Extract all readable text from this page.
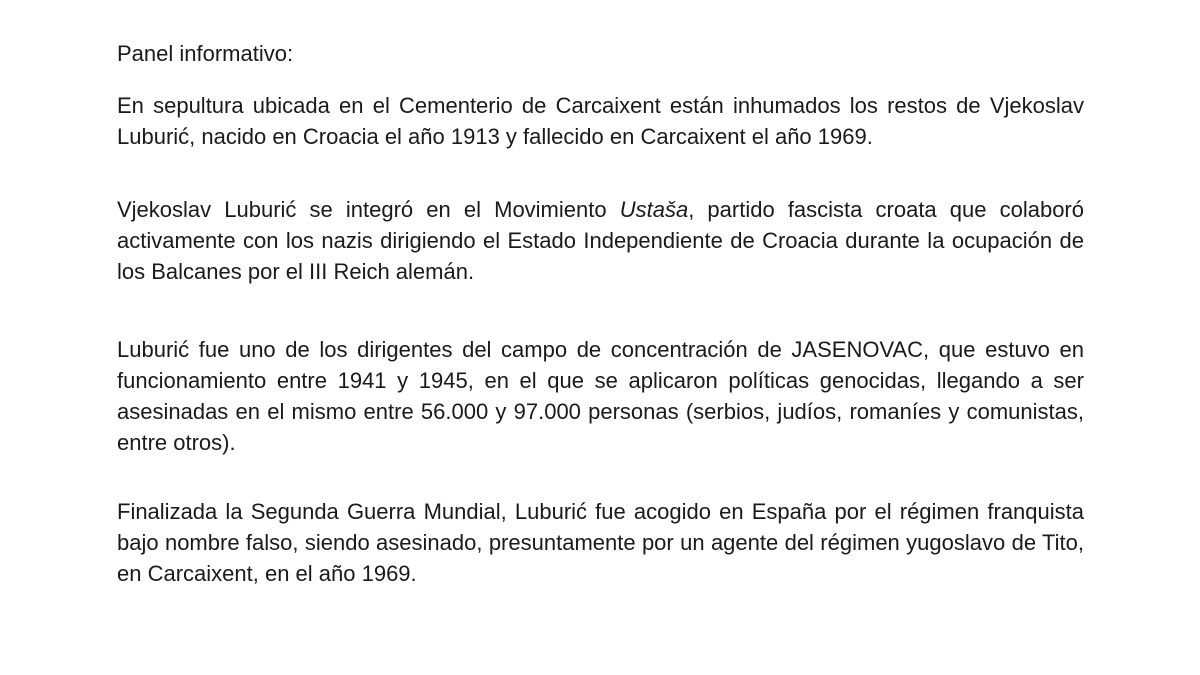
Panel informativo:

En sepultura ubicada en el Cementerio de Carcaixent están inhumados los restos de Vjekoslav Luburić, nacido en Croacia el año 1913 y fallecido en Carcaixent el año 1969.

Vjekoslav Luburić se integró en el Movimiento Ustaša, partido fascista croata que colaboró activamente con los nazis dirigiendo el Estado Independiente de Croacia durante la ocupación de los Balcanes por el III Reich alemán.

Luburić fue uno de los dirigentes del campo de concentración de JASENOVAC, que estuvo en funcionamiento entre 1941 y 1945, en el que se aplicaron políticas genocidas, llegando a ser asesinadas en el mismo entre 56.000 y 97.000 personas (serbios, judíos, romaníes y comunistas, entre otros).

Finalizada la Segunda Guerra Mundial, Luburić fue acogido en España por el régimen franquista bajo nombre falso, siendo asesinado, presuntamente por un agente del régimen yugoslavo de Tito, en Carcaixent, en el año 1969.
